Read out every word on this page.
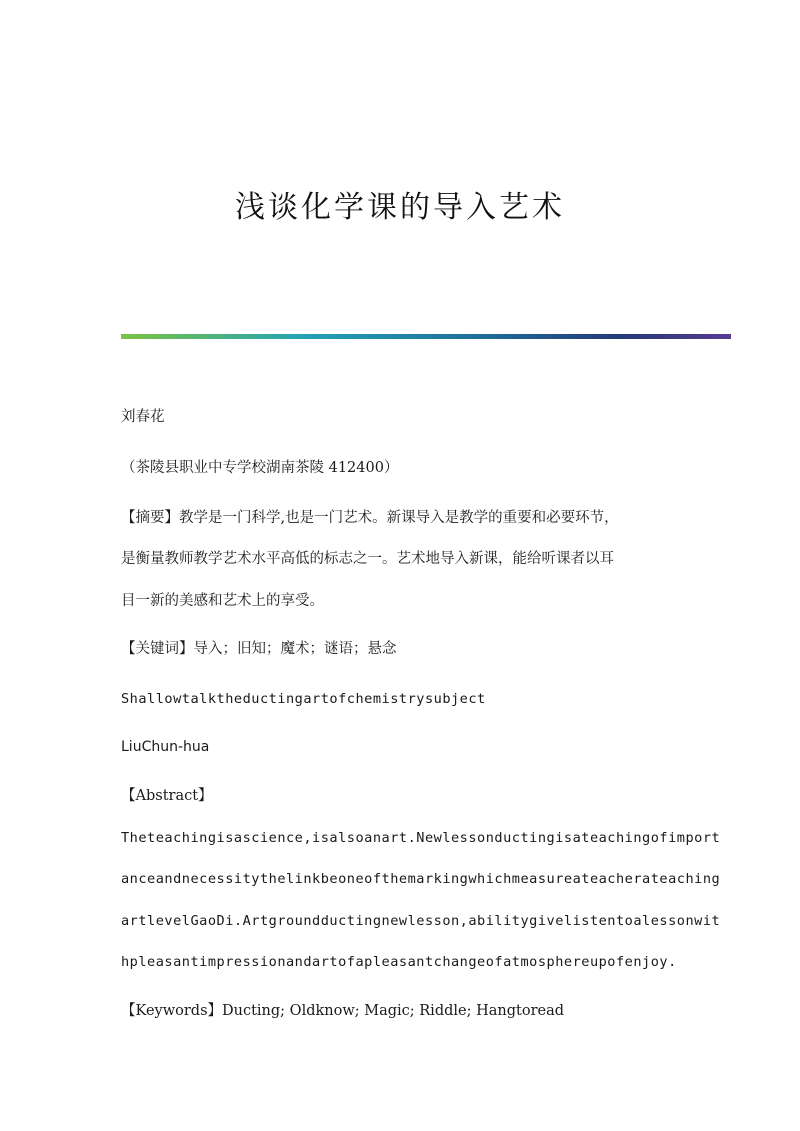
浅谈化学课的导入艺术
刘春花
（茶陵县职业中专学校湖南茶陵 412400）
【摘要】教学是一门科学,也是一门艺术。新课导入是教学的重要和必要环节，
是衡量教师教学艺术水平高低的标志之一。艺术地导入新课，能给听课者以耳
目一新的美感和艺术上的享受。
【关键词】导入；旧知；魔术；谜语；悬念
Shallowtalktheductingartofchemistrysubject
LiuChun-hua
【Abstract】
Theteachingisascience,isalsoanart.Newlessonductingisateachingofimport
anceandnecessitythelinkbeoneofthemarkingwhichmeasureateacherateaching
artlevelGaoDi.Artgroundductingnewlesson,abilitygivelistentoalessonwit
hpleasantimpressionandartofapleasantchangeofatmosphereupofenjoy.
【Keywords】Ducting; Oldknow; Magic; Riddle; Hangtoread
